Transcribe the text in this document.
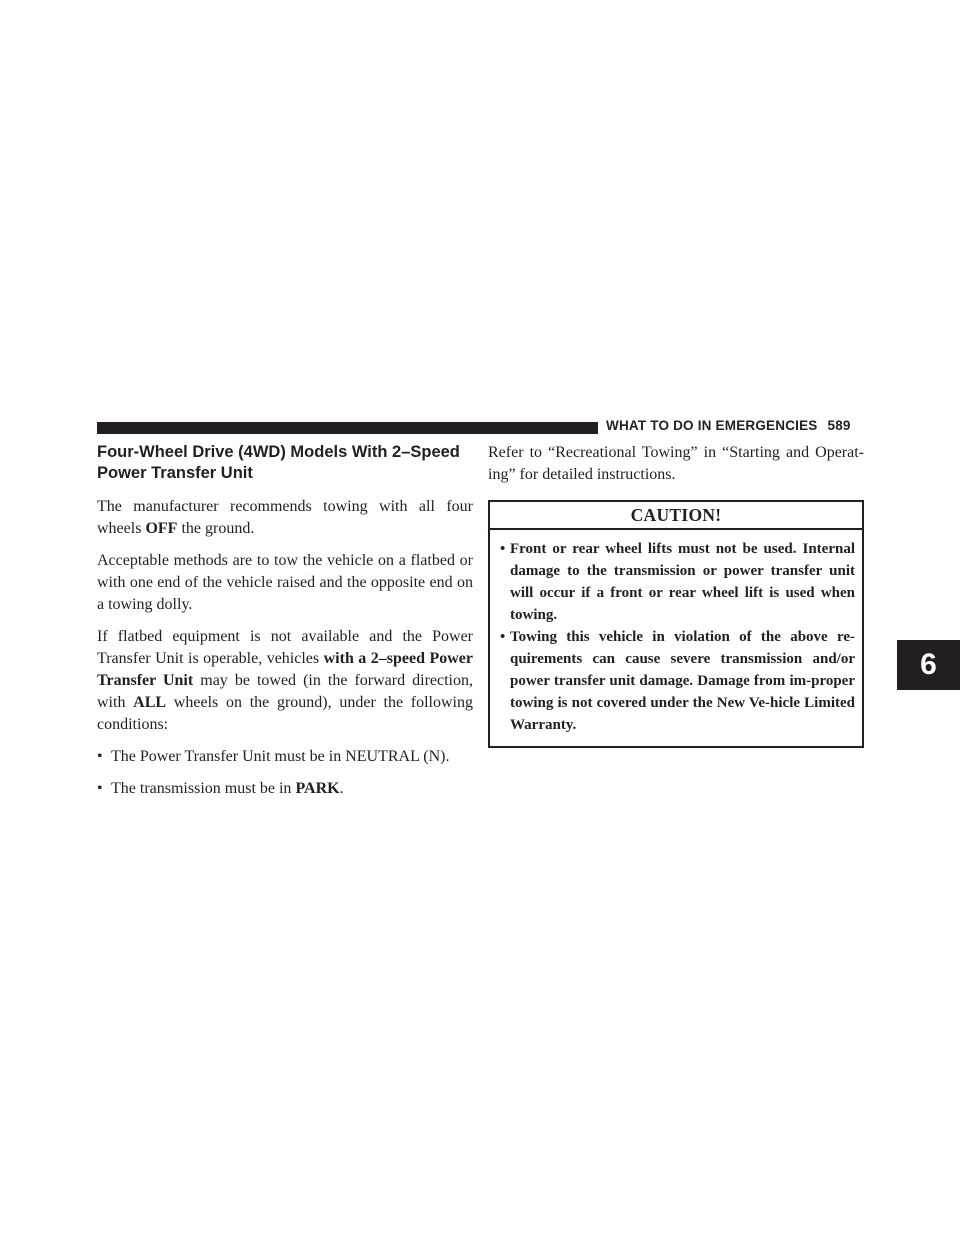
WHAT TO DO IN EMERGENCIES 589
6
Four-Wheel Drive (4WD) Models With 2–Speed
Power Transfer Unit

The manufacturer recommends towing with all four wheels OFF the ground.

Acceptable methods are to tow the vehicle on a flatbed or with one end of the vehicle raised and the opposite end on a towing dolly.

If flatbed equipment is not available and the Power Transfer Unit is operable, vehicles with a 2–speed Power Transfer Unit may be towed (in the forward direction, with ALL wheels on the ground), under the following conditions:

• The Power Transfer Unit must be in NEUTRAL (N).
• The transmission must be in PARK.

Refer to “Recreational Towing” in “Starting and Operat-ing” for detailed instructions.

CAUTION!
• Front or rear wheel lifts must not be used. Internal damage to the transmission or power transfer unit will occur if a front or rear wheel lift is used when towing.
• Towing this vehicle in violation of the above re-quirements can cause severe transmission and/or power transfer unit damage. Damage from im-proper towing is not covered under the New Ve-hicle Limited Warranty.
